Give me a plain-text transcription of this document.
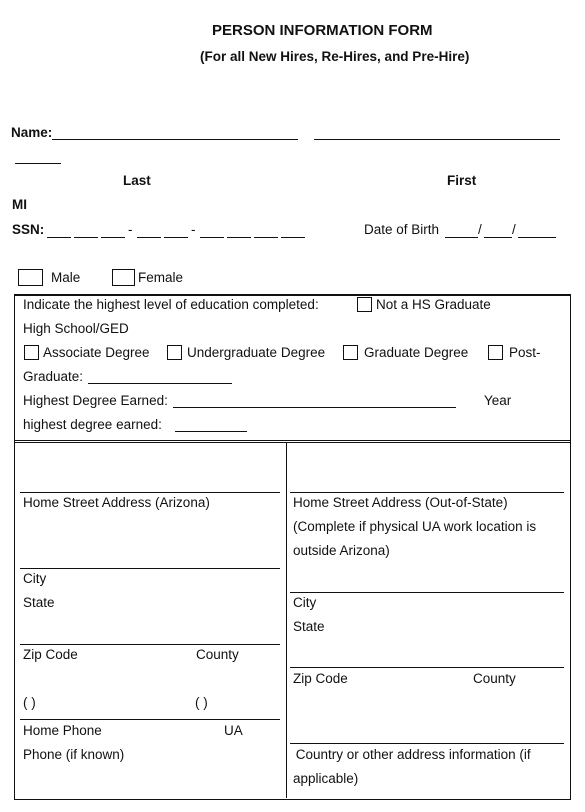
PERSON INFORMATION FORM
(For all New Hires, Re-Hires, and Pre-Hire)
Name:
Last	First
MI
SSN:	-	-	Date of Birth	/ /
Male	Female
Indicate the highest level of education completed:	Not a HS Graduate
High School/GED
Associate Degree	Undergraduate Degree	Graduate Degree	Post-
Graduate:
Highest Degree Earned:	Year
highest degree earned:
Home Street Address (Arizona)
City
State
Zip Code	County
( )	( )
Home Phone	UA
Phone (if known)
Home Street Address (Out-of-State)
(Complete if physical UA work location is
outside Arizona)
City
State
Zip Code	County
Country or other address information (if
applicable)
